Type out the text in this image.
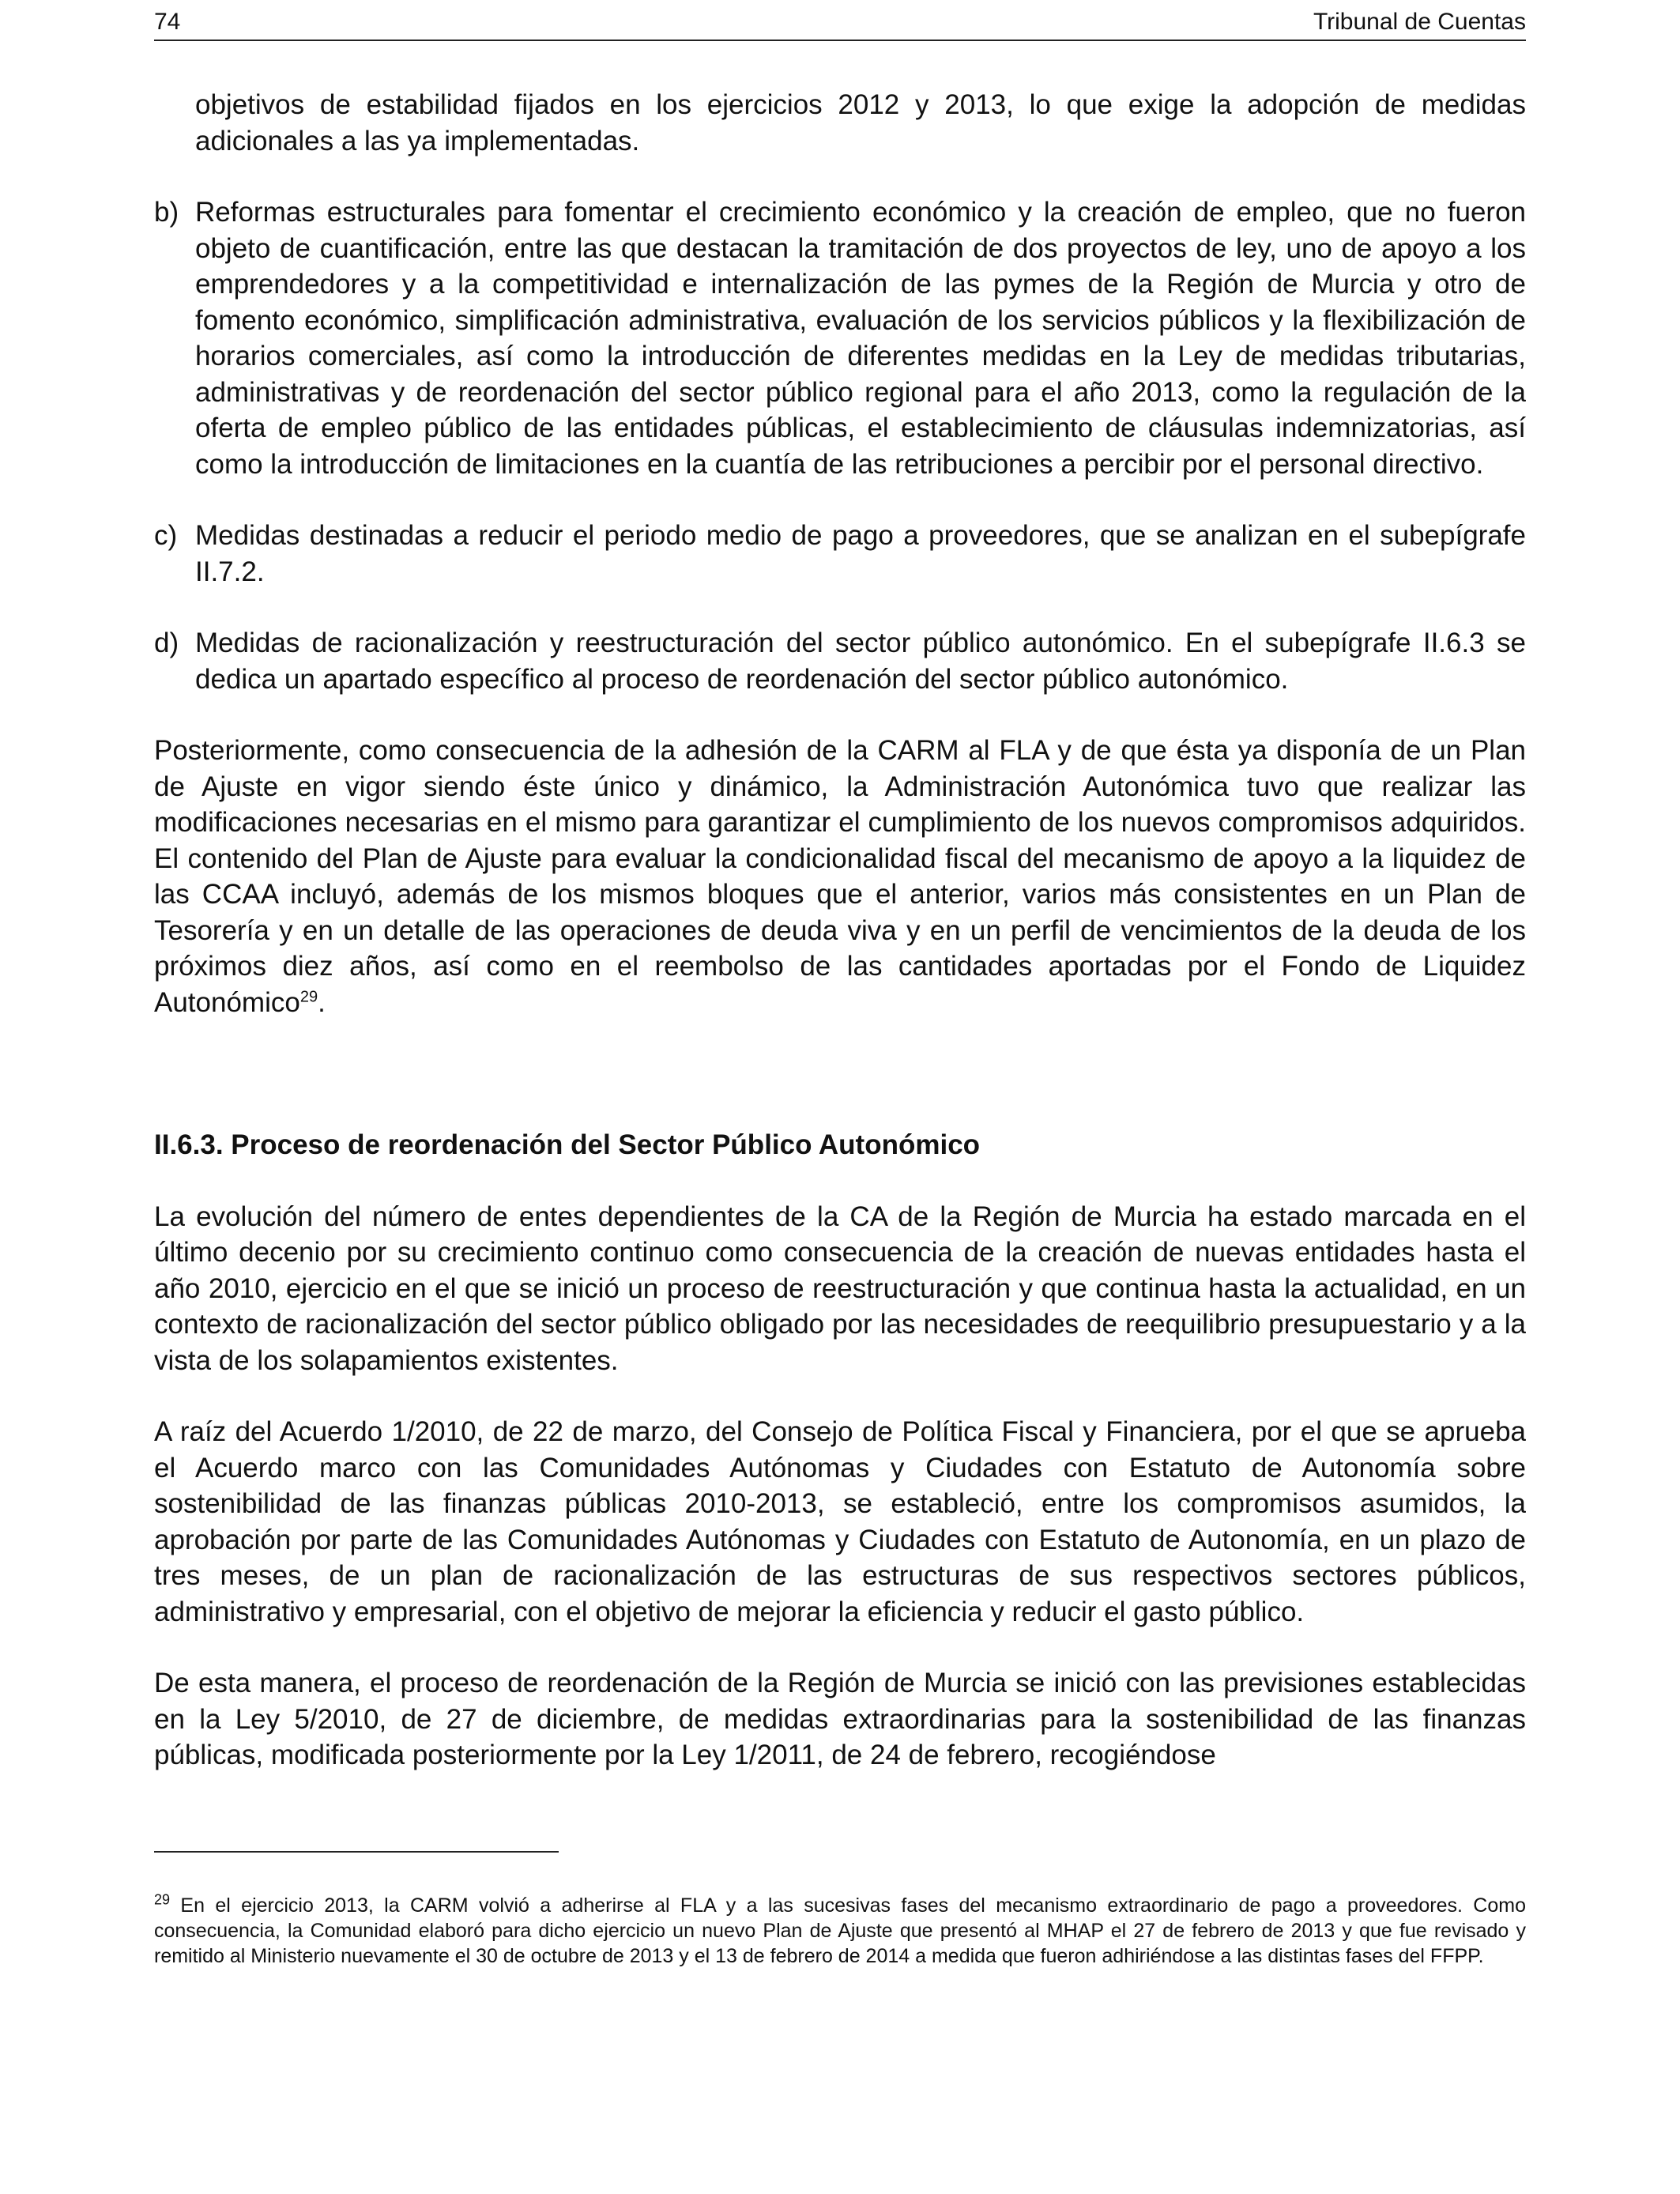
74	Tribunal de Cuentas

objetivos de estabilidad fijados en los ejercicios 2012 y 2013, lo que exige la adopción de medidas adicionales a las ya implementadas.

b) Reformas estructurales para fomentar el crecimiento económico y la creación de empleo, que no fueron objeto de cuantificación, entre las que destacan la tramitación de dos proyectos de ley, uno de apoyo a los emprendedores y a la competitividad e internalización de las pymes de la Región de Murcia y otro de fomento económico, simplificación administrativa, evaluación de los servicios públicos y la flexibilización de horarios comerciales, así como la introducción de diferentes medidas en la Ley de medidas tributarias, administrativas y de reordenación del sector público regional para el año 2013, como la regulación de la oferta de empleo público de las entidades públicas, el establecimiento de cláusulas indemnizatorias, así como la introducción de limitaciones en la cuantía de las retribuciones a percibir por el personal directivo.
c) Medidas destinadas a reducir el periodo medio de pago a proveedores, que se analizan en el subepígrafe II.7.2.
d) Medidas de racionalización y reestructuración del sector público autonómico. En el subepígrafe II.6.3 se dedica un apartado específico al proceso de reordenación del sector público autonómico.

Posteriormente, como consecuencia de la adhesión de la CARM al FLA y de que ésta ya disponía de un Plan de Ajuste en vigor siendo éste único y dinámico, la Administración Autonómica tuvo que realizar las modificaciones necesarias en el mismo para garantizar el cumplimiento de los nuevos compromisos adquiridos. El contenido del Plan de Ajuste para evaluar la condicionalidad fiscal del mecanismo de apoyo a la liquidez de las CCAA incluyó, además de los mismos bloques que el anterior, varios más consistentes en un Plan de Tesorería y en un detalle de las operaciones de deuda viva y en un perfil de vencimientos de la deuda de los próximos diez años, así como en el reembolso de las cantidades aportadas por el Fondo de Liquidez Autonómico$^{29}$.

II.6.3. Proceso de reordenación del Sector Público Autonómico

La evolución del número de entes dependientes de la CA de la Región de Murcia ha estado marcada en el último decenio por su crecimiento continuo como consecuencia de la creación de nuevas entidades hasta el año 2010, ejercicio en el que se inició un proceso de reestructuración y que continua hasta la actualidad, en un contexto de racionalización del sector público obligado por las necesidades de reequilibrio presupuestario y a la vista de los solapamientos existentes.

A raíz del Acuerdo 1/2010, de 22 de marzo, del Consejo de Política Fiscal y Financiera, por el que se aprueba el Acuerdo marco con las Comunidades Autónomas y Ciudades con Estatuto de Autonomía sobre sostenibilidad de las finanzas públicas 2010-2013, se estableció, entre los compromisos asumidos, la aprobación por parte de las Comunidades Autónomas y Ciudades con Estatuto de Autonomía, en un plazo de tres meses, de un plan de racionalización de las estructuras de sus respectivos sectores públicos, administrativo y empresarial, con el objetivo de mejorar la eficiencia y reducir el gasto público.

De esta manera, el proceso de reordenación de la Región de Murcia se inició con las previsiones establecidas en la Ley 5/2010, de 27 de diciembre, de medidas extraordinarias para la sostenibilidad de las finanzas públicas, modificada posteriormente por la Ley 1/2011, de 24 de febrero, recogiéndose

$^{29}$ En el ejercicio 2013, la CARM volvió a adherirse al FLA y a las sucesivas fases del mecanismo extraordinario de pago a proveedores. Como consecuencia, la Comunidad elaboró para dicho ejercicio un nuevo Plan de Ajuste que presentó al MHAP el 27 de febrero de 2013 y que fue revisado y remitido al Ministerio nuevamente el 30 de octubre de 2013 y el 13 de febrero de 2014 a medida que fueron adhiriéndose a las distintas fases del FFPP.
